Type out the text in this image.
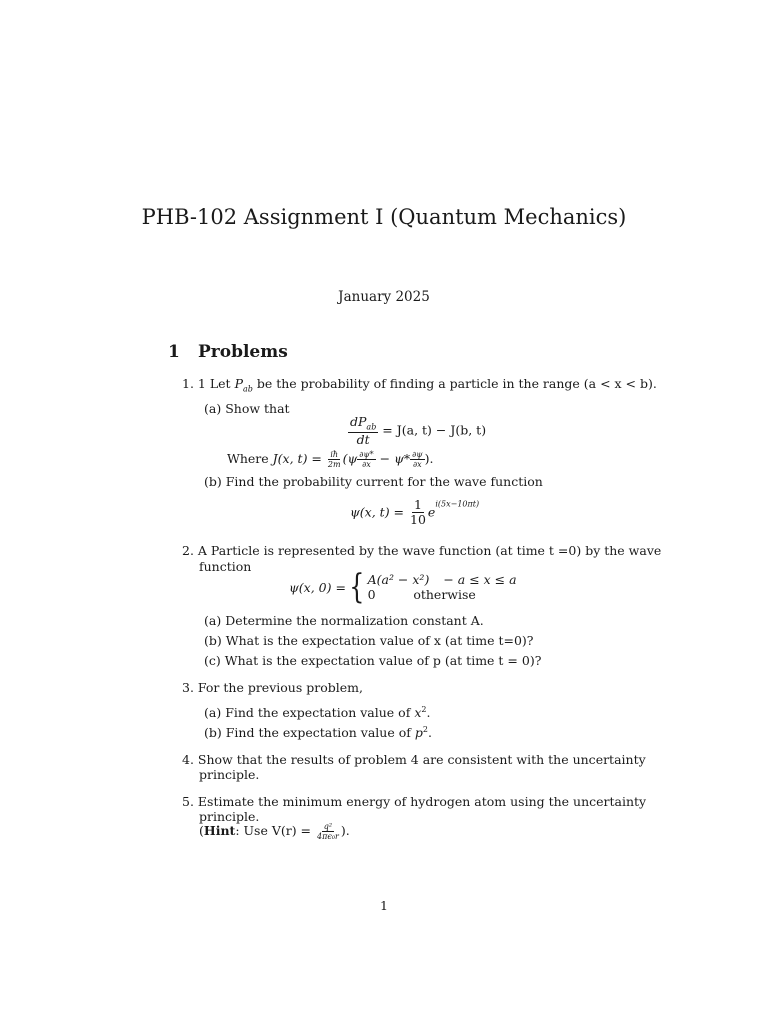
PHB-102 Assignment I (Quantum Mechanics)
January 2025
1 Problems
1. 1 Let $P_{ab}$ be the probability of finding a particle in the range (a < x < b).
(a) Show that
$\frac{dP_{ab}}{dt} = J(a$, t) − J(b, t)
Where J(x, $t) = \frac{iħ}{2m} (\psi \frac{\partial\psi*}{\partial x} - \psi* \frac{\partial\psi}{\partial x}$ ).
(b) Find the probability current for the wave function
ψ(x, $t) = \frac{1}{10} e^{i(5x-10\pi t)}$
2. A Particle is represented by the wave function (at time t =0) by the wave
function
ψ(x, 0) = { A(a² − x²) − a ≤ x ≤ a
0	otherwise
(a) Determine the normalization constant A.
(b) What is the expectation value of x (at time t=0)?
(c) What is the expectation value of p (at time t = 0)?
3. For the previous problem,
(a) Find the expectation value of $x^2$.
(b) Find the expectation value of $p^2$.
4. Show that the results of problem 4 are consistent with the uncertainty
principle.
5. Estimate the minimum energy of hydrogen atom using the uncertainty
principle.
(Hint: Use $V(r) = \frac{\text{q²}}{\text{4πϵ₀r}}$ ).
1
